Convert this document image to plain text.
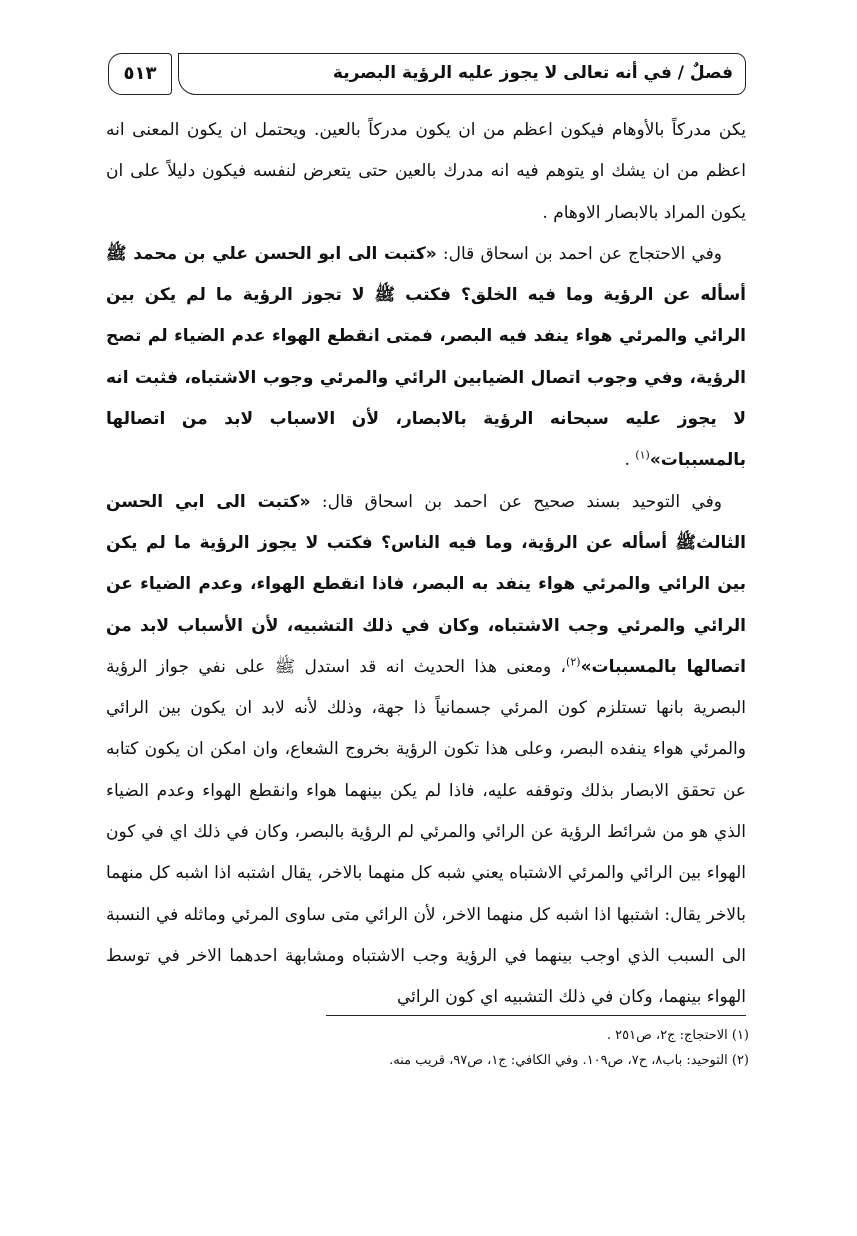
٥١٣	فصلٌ / في أنه تعالى لا يجوز عليه الرؤية البصرية

يكن مدركاً بالأوهام فيكون اعظم من ان يكون مدركاً بالعين. ويحتمل ان يكون المعنى انه اعظم من ان يشك او يتوهم فيه انه مدرك بالعين حتى يتعرض لنفسه فيكون دليلاً على ان يكون المراد بالابصار الاوهام .

وفي الاحتجاج عن احمد بن اسحاق قال: «كتبت الى ابو الحسن علي بن محمد ﷺ أسأله عن الرؤية وما فيه الخلق؟ فكتب ﷺ لا تجوز الرؤية ما لم يكن بين الرائي والمرئي هواء ينفد فيه البصر، فمتى انقطع الهواء عدم الضياء لم تصح الرؤية، وفي وجوب اتصال الضيابين الرائي والمرئي وجوب الاشتباه، فثبت انه لا يجوز عليه سبحانه الرؤية بالابصار، لأن الاسباب لابد من اتصالها بالمسببات»$^{(١)}$ .

وفي التوحيد بسند صحيح عن احمد بن اسحاق قال: «كتبت الى ابي الحسن الثالثﷺ أسأله عن الرؤية، وما فيه الناس؟ فكتب لا يجوز الرؤية ما لم يكن بين الرائي والمرئي هواء ينفد به البصر، فاذا انقطع الهواء، وعدم الضياء عن الرائي والمرئي وجب الاشتباه، وكان في ذلك التشبيه، لأن الأسباب لابد من اتصالها بالمسببات»$^{(٢)}$، ومعنى هذا الحديث انه قد استدل ﷺ على نفي جواز الرؤية البصرية بانها تستلزم كون المرئي جسمانياً ذا جهة، وذلك لأنه لابد ان يكون بين الرائي والمرئي هواء ينفده البصر، وعلى هذا تكون الرؤية بخروج الشعاع، وان امكن ان يكون كتابه عن تحقق الابصار بذلك وتوقفه عليه، فاذا لم يكن بينهما هواء وانقطع الهواء وعدم الضياء الذي هو من شرائط الرؤية عن الرائي والمرئي لم الرؤية بالبصر، وكان في ذلك اي في كون الهواء بين الرائي والمرئي الاشتباه يعني شبه كل منهما بالاخر، يقال اشتبه اذا اشبه كل منهما بالاخر يقال: اشتبها اذا اشبه كل منهما الاخر، لأن الرائي متى ساوى المرئي وماثله في النسبة الى السبب الذي اوجب بينهما في الرؤية وجب الاشتباه ومشابهة احدهما الاخر في توسط الهواء بينهما، وكان في ذلك التشبيه اي كون الرائي

(١) الاحتجاج: ج٢، ص٢٥١ .
(٢) التوحيد: باب٨، ح٧، ص١٠٩. وفي الكافي: ج١، ص٩٧، قريب منه.
